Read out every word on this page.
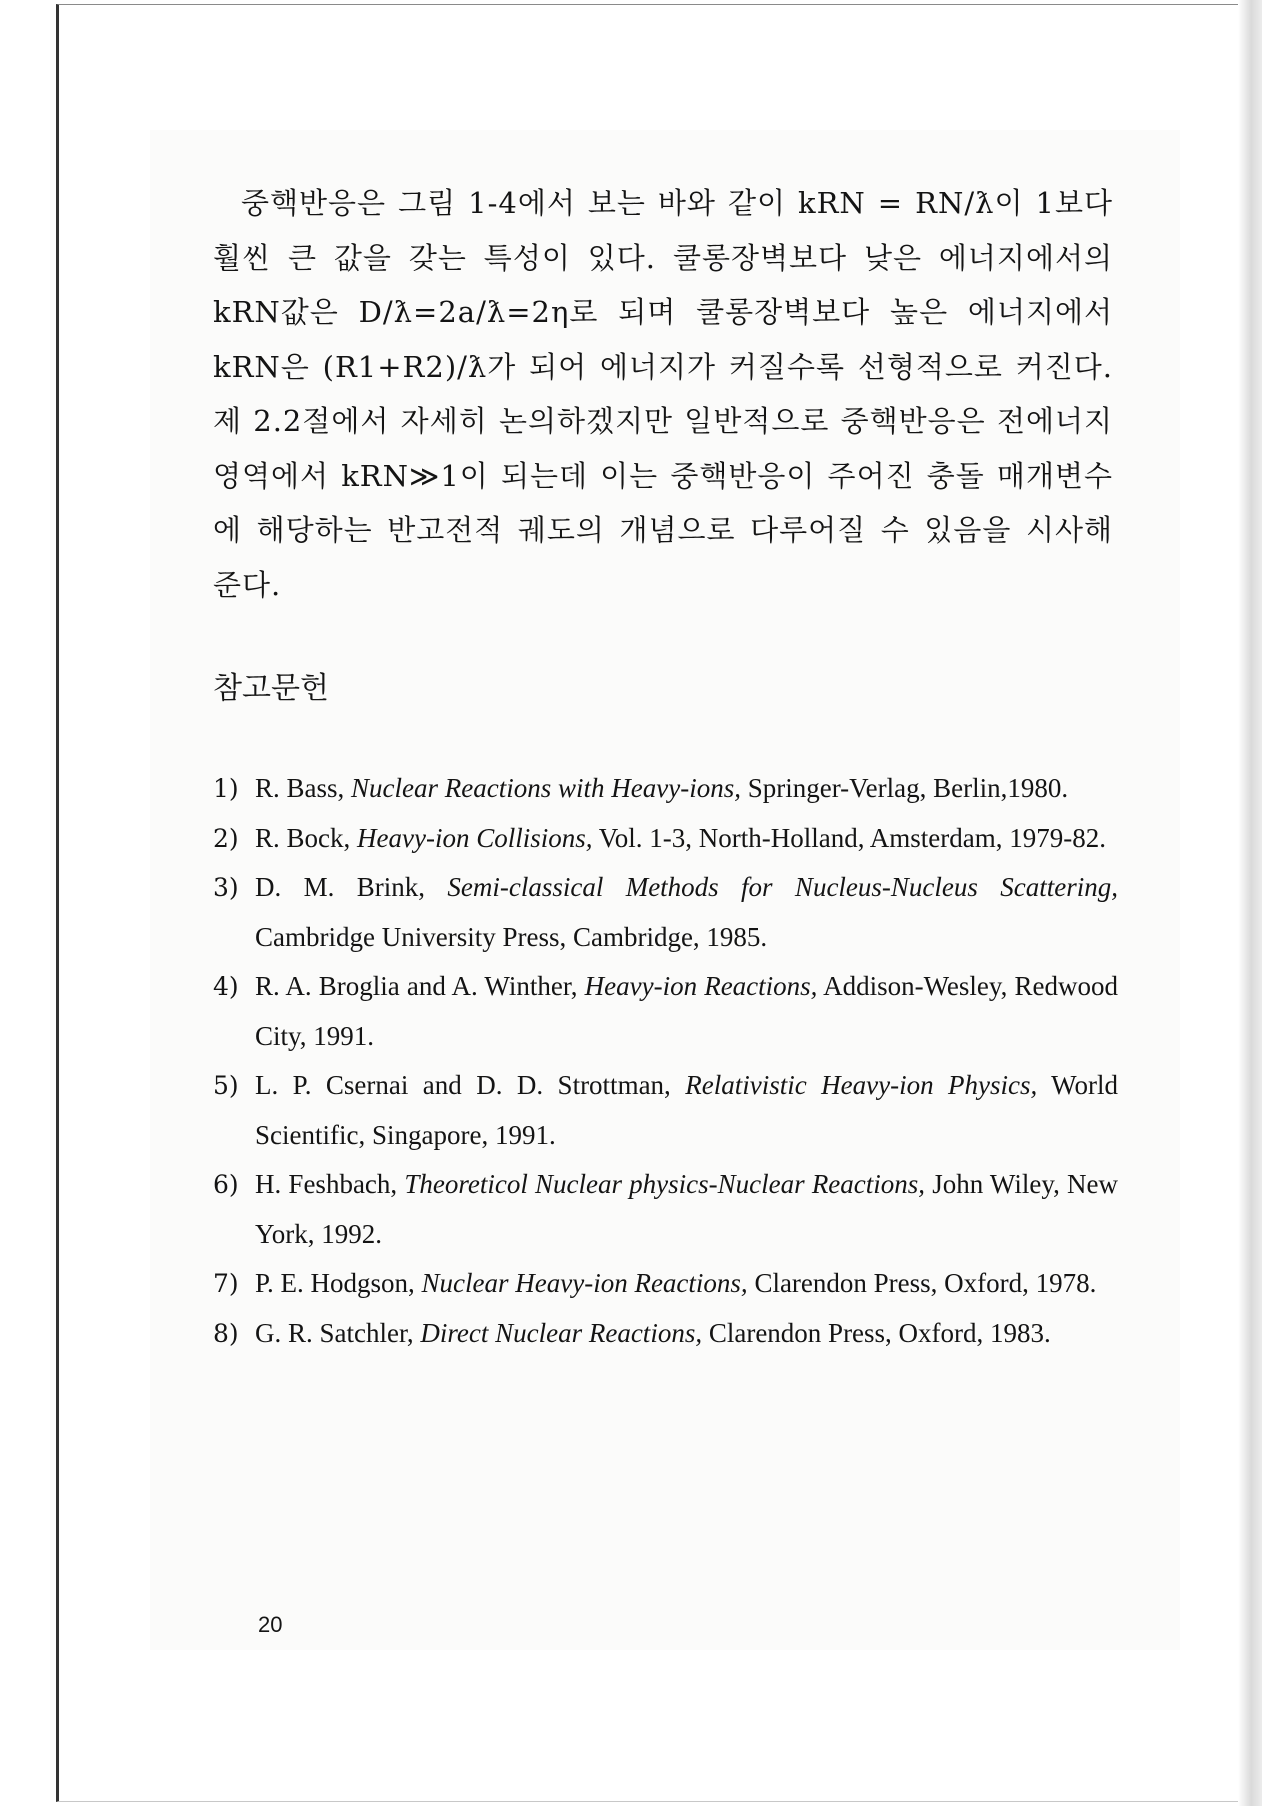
중핵반응은 그림 1-4에서 보는 바와 같이 kRN = RN/ƛ이 1보다 훨씬 큰 값을 갖는 특성이 있다. 쿨롱장벽보다 낮은 에너지에서의 kRN값은 D/ƛ=2a/ƛ=2η로 되며 쿨롱장벽보다 높은 에너지에서 kRN은 (R1+R2)/ƛ가 되어 에너지가 커질수록 선형적으로 커진다. 제 2.2절에서 자세히 논의하겠지만 일반적으로 중핵반응은 전에너지 영역에서 kRN≫1이 되는데 이는 중핵반응이 주어진 충돌 매개변수에 해당하는 반고전적 궤도의 개념으로 다루어질 수 있음을 시사해 준다.

참고문헌
1) R. Bass, Nuclear Reactions with Heavy-ions, Springer-Verlag, Berlin,1980.
2) R. Bock, Heavy-ion Collisions, Vol. 1-3, North-Holland, Amsterdam, 1979-82.
3) D. M. Brink, Semi-classical Methods for Nucleus-Nucleus Scattering, Cambridge University Press, Cambridge, 1985.
4) R. A. Broglia and A. Winther, Heavy-ion Reactions, Addison-Wesley, Redwood City, 1991.
5) L. P. Csernai and D. D. Strottman, Relativistic Heavy-ion Physics, World Scientific, Singapore, 1991.
6) H. Feshbach, Theoreticol Nuclear physics-Nuclear Reactions, John Wiley, New York, 1992.
7) P. E. Hodgson, Nuclear Heavy-ion Reactions, Clarendon Press, Oxford, 1978.
8) G. R. Satchler, Direct Nuclear Reactions, Clarendon Press, Oxford, 1983.
20
